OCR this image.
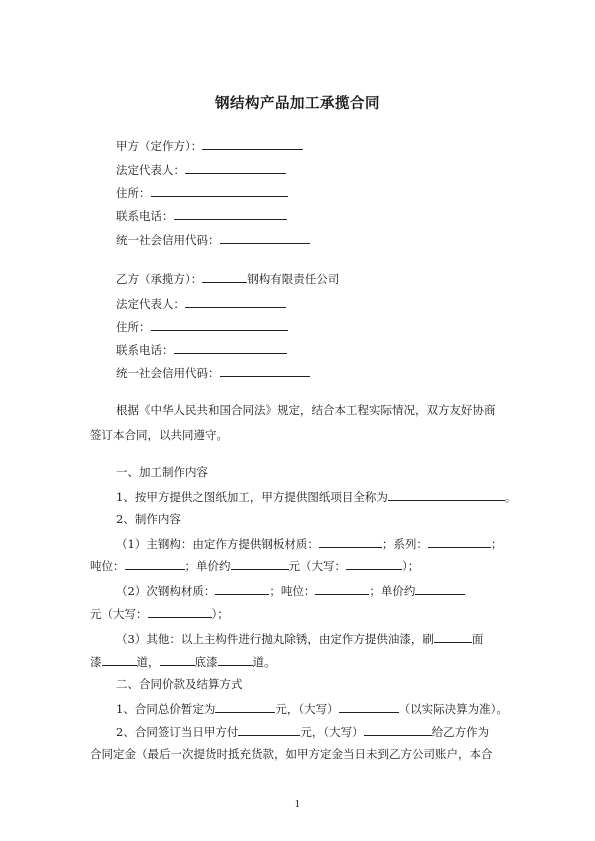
钢结构产品加工承揽合同
甲方（定作方）：
法定代表人：
住所：
联系电话：
统一社会信用代码：
乙方（承揽方）：	钢构有限责任公司
法定代表人：
住所：
联系电话：
统一社会信用代码：
根据《中华人民共和国合同法》规定，结合本工程实际情况，双方友好协商
签订本合同，以共同遵守。
一、加工制作内容
1、按甲方提供之图纸加工，甲方提供图纸项目全称为	。
2、制作内容
（1）主钢构：由定作方提供钢板材质：	；系列：	；
吨位：	；单价约	元（大写：	）；
（2）次钢构材质：	；吨位：	；单价约
元（大写：	）；
（3）其他：以上主构件进行抛丸除锈，由定作方提供油漆，刷	面
漆	道，	底漆	道。
二、合同价款及结算方式
1、合同总价暂定为	元，（大写）	（以实际决算为准）。
2、合同签订当日甲方付	元，（大写）	给乙方作为
合同定金（最后一次提货时抵充货款，如甲方定金当日未到乙方公司账户，本合
1
